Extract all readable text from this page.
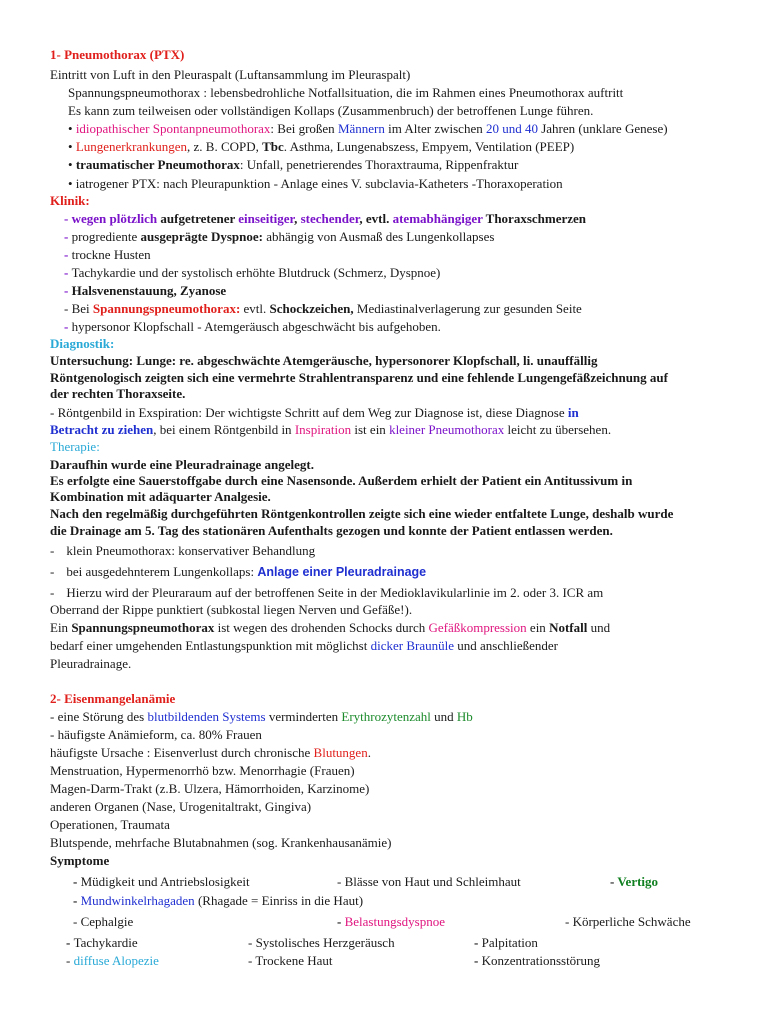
1- Pneumothorax (PTX)
Eintritt von Luft in den Pleuraspalt (Luftansammlung im Pleuraspalt)
Spannungspneumothorax : lebensbedrohliche Notfallsituation, die im Rahmen eines Pneumothorax auftritt
Es kann zum teilweisen oder vollständigen Kollaps (Zusammenbruch) der betroffenen Lunge führen.
• idiopathischer Spontanpneumothorax: Bei großen Männern im Alter zwischen 20 und 40 Jahren (unklare Genese)
• Lungenerkrankungen, z. B. COPD, Tbc. Asthma, Lungenabszess, Empyem, Ventilation (PEEP)
• traumatischer Pneumothorax: Unfall, penetrierendes Thoraxtrauma, Rippenfraktur
• iatrogener PTX: nach Pleurapunktion - Anlage eines V. subclavia-Katheters -Thoraxoperation
Klinik:
- wegen plötzlich aufgetretener einseitiger, stechender, evtl. atemabhängiger Thoraxschmerzen
- progrediente ausgeprägte Dyspnoe: abhängig von Ausmaß des Lungenkollapses
- trockne Husten
- Tachykardie und der systolisch erhöhte Blutdruck (Schmerz, Dyspnoe)
- Halsvenenstauung, Zyanose
- Bei Spannungspneumothorax: evtl. Schockzeichen, Mediastinalverlagerung zur gesunden Seite
- hypersonor Klopfschall - Atemgeräusch abgeschwächt bis aufgehoben.
Diagnostik:
Untersuchung: Lunge: re. abgeschwächte Atemgeräusche, hypersonorer Klopfschall, li. unauffällig
Röntgenologisch zeigten sich eine vermehrte Strahlentransparenz und eine fehlende Lungengefäßzeichnung auf
der rechten Thoraxseite.
- Röntgenbild in Exspiration: Der wichtigste Schritt auf dem Weg zur Diagnose ist, diese Diagnose in
Betracht zu ziehen, bei einem Röntgenbild in Inspiration ist ein kleiner Pneumothorax leicht zu übersehen.
Therapie:
Daraufhin wurde eine Pleuradrainage angelegt.
Es erfolgte eine Sauerstoffgabe durch eine Nasensonde. Außerdem erhielt der Patient ein Antitussivum in
Kombination mit adäquarter Analgesie.
Nach den regelmäßig durchgeführten Röntgenkontrollen zeigte sich eine wieder entfaltete Lunge, deshalb wurde
die Drainage am 5. Tag des stationären Aufenthalts gezogen und konnte der Patient entlassen werden.
- klein Pneumothorax: konservativer Behandlung
- bei ausgedehnterem Lungenkollaps: Anlage einer Pleuradrainage
- Hierzu wird der Pleuraraum auf der betroffenen Seite in der Medioklavikularlinie im 2. oder 3. ICR am
Oberrand der Rippe punktiert (subkostal liegen Nerven und Gefäße!).
Ein Spannungspneumothorax ist wegen des drohenden Schocks durch Gefäßkompression ein Notfall und
bedarf einer umgehenden Entlastungspunktion mit möglichst dicker Braunüle und anschließender
Pleuradrainage.
2- Eisenmangelanämie
- eine Störung des blutbildenden Systems verminderten Erythrozytenzahl und Hb
- häufigste Anämieform, ca. 80% Frauen
häufigste Ursache : Eisenverlust durch chronische Blutungen.
Menstruation, Hypermenorrhö bzw. Menorrhagie (Frauen)
Magen-Darm-Trakt (z.B. Ulzera, Hämorrhoiden, Karzinome)
anderen Organen (Nase, Urogenitaltrakt, Gingiva)
Operationen, Traumata
Blutspende, mehrfache Blutabnahmen (sog. Krankenhausanämie)
Symptome
- Müdigkeit und Antriebslosigkeit	- Blässe von Haut und Schleimhaut	- Vertigo
- Mundwinkelrhagaden (Rhagade = Einriss in die Haut)
- Cephalgie	- Belastungsdyspnoe	- Körperliche Schwäche
- Tachykardie	- Systolisches Herzgeräusch	- Palpitation
- diffuse Alopezie	- Trockene Haut	- Konzentrationsstörung
